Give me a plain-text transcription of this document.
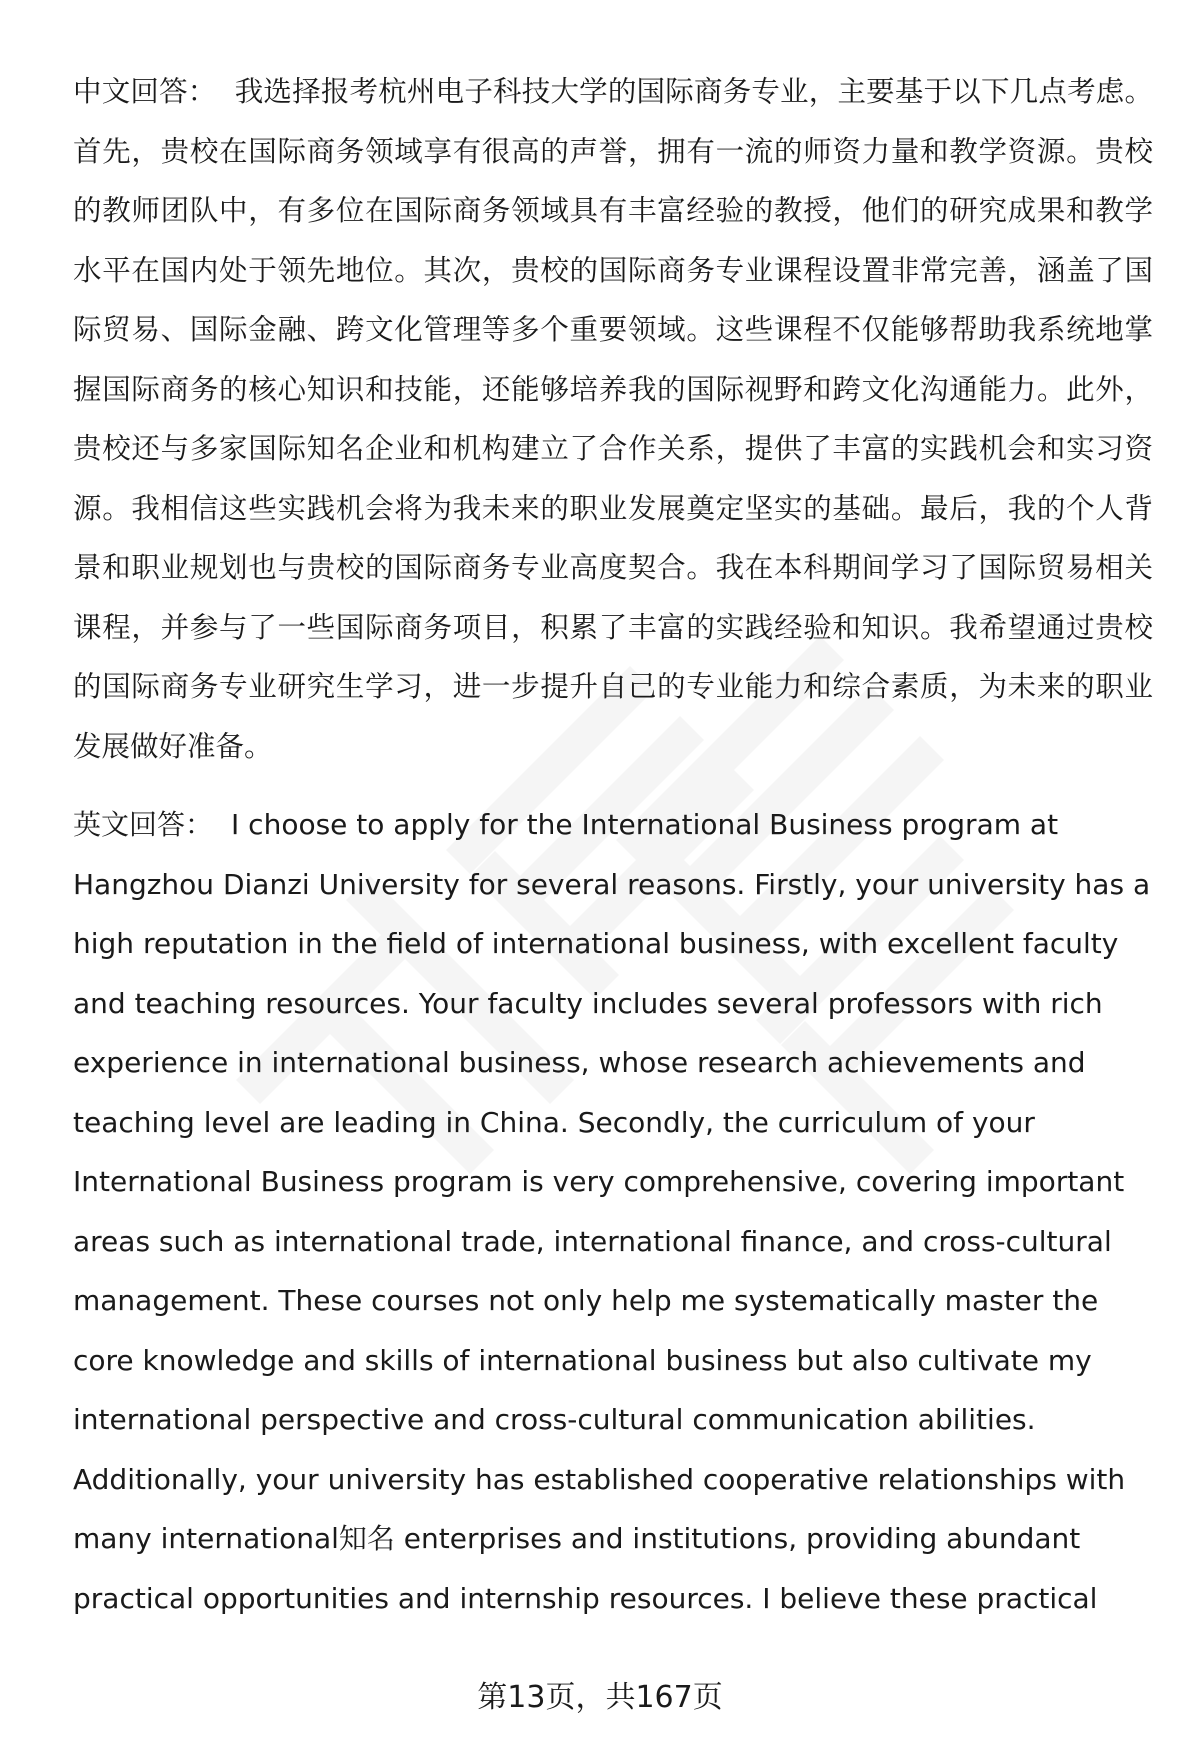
中文回答： 我选择报考杭州电子科技大学的国际商务专业，主要基于以下几点考虑。首先，贵校在国际商务领域享有很高的声誉，拥有一流的师资力量和教学资源。贵校的教师团队中，有多位在国际商务领域具有丰富经验的教授，他们的研究成果和教学水平在国内处于领先地位。其次，贵校的国际商务专业课程设置非常完善，涵盖了国际贸易、国际金融、跨文化管理等多个重要领域。这些课程不仅能够帮助我系统地掌握国际商务的核心知识和技能，还能够培养我的国际视野和跨文化沟通能力。此外，贵校还与多家国际知名企业和机构建立了合作关系，提供了丰富的实践机会和实习资源。我相信这些实践机会将为我未来的职业发展奠定坚实的基础。最后，我的个人背景和职业规划也与贵校的国际商务专业高度契合。我在本科期间学习了国际贸易相关课程，并参与了一些国际商务项目，积累了丰富的实践经验和知识。我希望通过贵校的国际商务专业研究生学习，进一步提升自己的专业能力和综合素质，为未来的职业发展做好准备。

英文回答： I choose to apply for the International Business program at Hangzhou Dianzi University for several reasons. Firstly, your university has a high reputation in the field of international business, with excellent faculty and teaching resources. Your faculty includes several professors with rich experience in international business, whose research achievements and teaching level are leading in China. Secondly, the curriculum of your International Business program is very comprehensive, covering important areas such as international trade, international finance, and cross-cultural management. These courses not only help me systematically master the core knowledge and skills of international business but also cultivate my international perspective and cross-cultural communication abilities. Additionally, your university has established cooperative relationships with many international知名 enterprises and institutions, providing abundant practical opportunities and internship resources. I believe these practical

第13页，共167页
